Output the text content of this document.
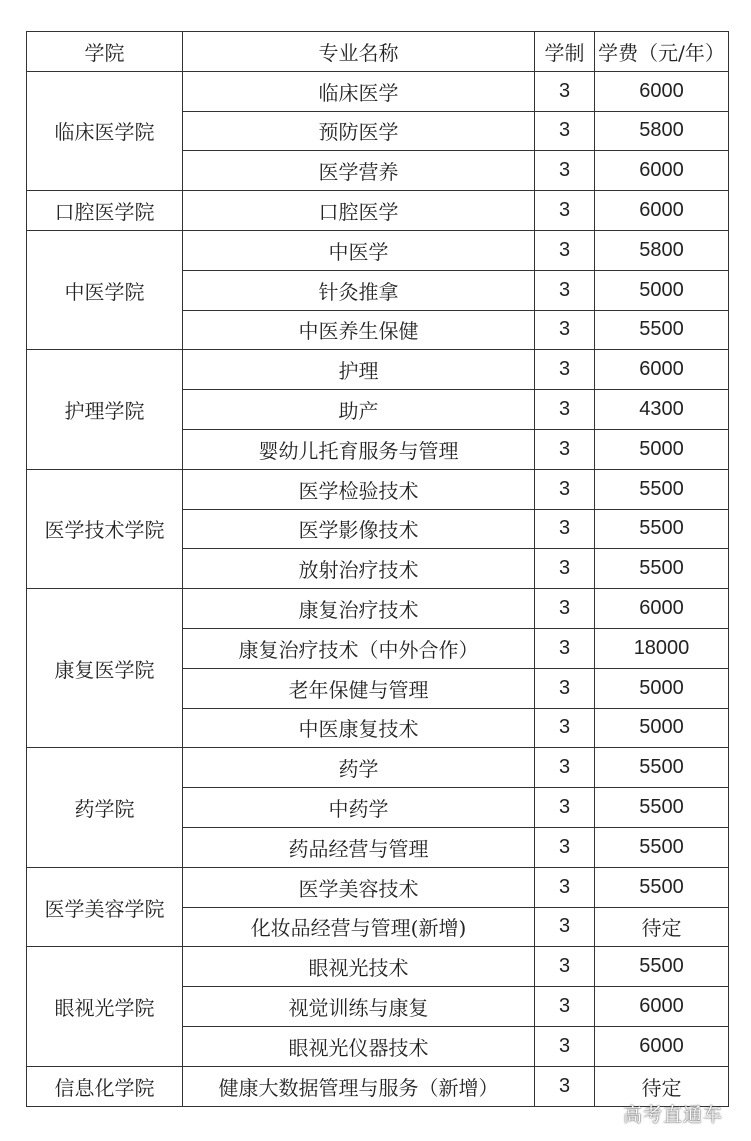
学院	专业名称	学制	学费（元/年）
临床医学院	临床医学	3	6000
	预防医学	3	5800
	医学营养	3	6000
口腔医学院	口腔医学	3	6000
中医学院	中医学	3	5800
	针灸推拿	3	5000
	中医养生保健	3	5500
护理学院	护理	3	6000
	助产	3	4300
	婴幼儿托育服务与管理	3	5000
医学技术学院	医学检验技术	3	5500
	医学影像技术	3	5500
	放射治疗技术	3	5500
康复医学院	康复治疗技术	3	6000
	康复治疗技术（中外合作）	3	18000
	老年保健与管理	3	5000
	中医康复技术	3	5000
药学院	药学	3	5500
	中药学	3	5500
	药品经营与管理	3	5500
医学美容学院	医学美容技术	3	5500
	化妆品经营与管理(新增)	3	待定
眼视光学院	眼视光技术	3	5500
	视觉训练与康复	3	6000
	眼视光仪器技术	3	6000
信息化学院	健康大数据管理与服务（新增）	3	待定
高考直通车
